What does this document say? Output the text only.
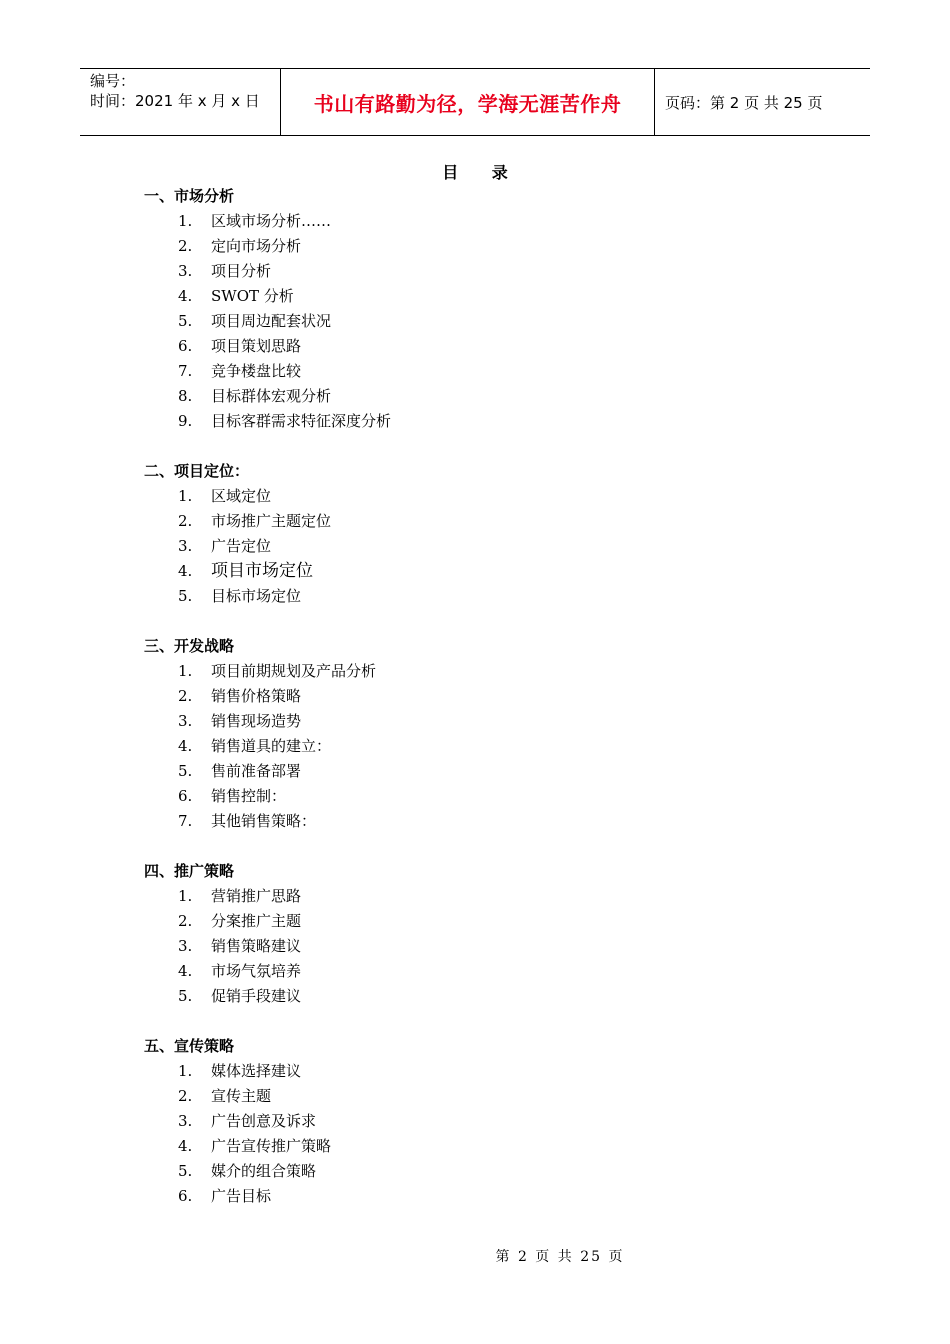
编号：
时间：2021 年 x 月 x 日	书山有路勤为径，学海无涯苦作舟	页码：第 2 页 共 25 页
目 录
一、市场分析
1. 区域市场分析……
2. 定向市场分析
3. 项目分析
4. SWOT 分析
5. 项目周边配套状况
6. 项目策划思路
7. 竞争楼盘比较
8. 目标群体宏观分析
9. 目标客群需求特征深度分析
二、项目定位：
1. 区域定位
2. 市场推广主题定位
3. 广告定位
4. 项目市场定位
5. 目标市场定位
三、开发战略
1. 项目前期规划及产品分析
2. 销售价格策略
3. 销售现场造势
4. 销售道具的建立：
5. 售前准备部署
6. 销售控制：
7. 其他销售策略：
四、推广策略
1. 营销推广思路
2. 分案推广主题
3. 销售策略建议
4. 市场气氛培养
5. 促销手段建议
五、宣传策略
1. 媒体选择建议
2. 宣传主题
3. 广告创意及诉求
4. 广告宣传推广策略
5. 媒介的组合策略
6. 广告目标
第 2 页 共 25 页
